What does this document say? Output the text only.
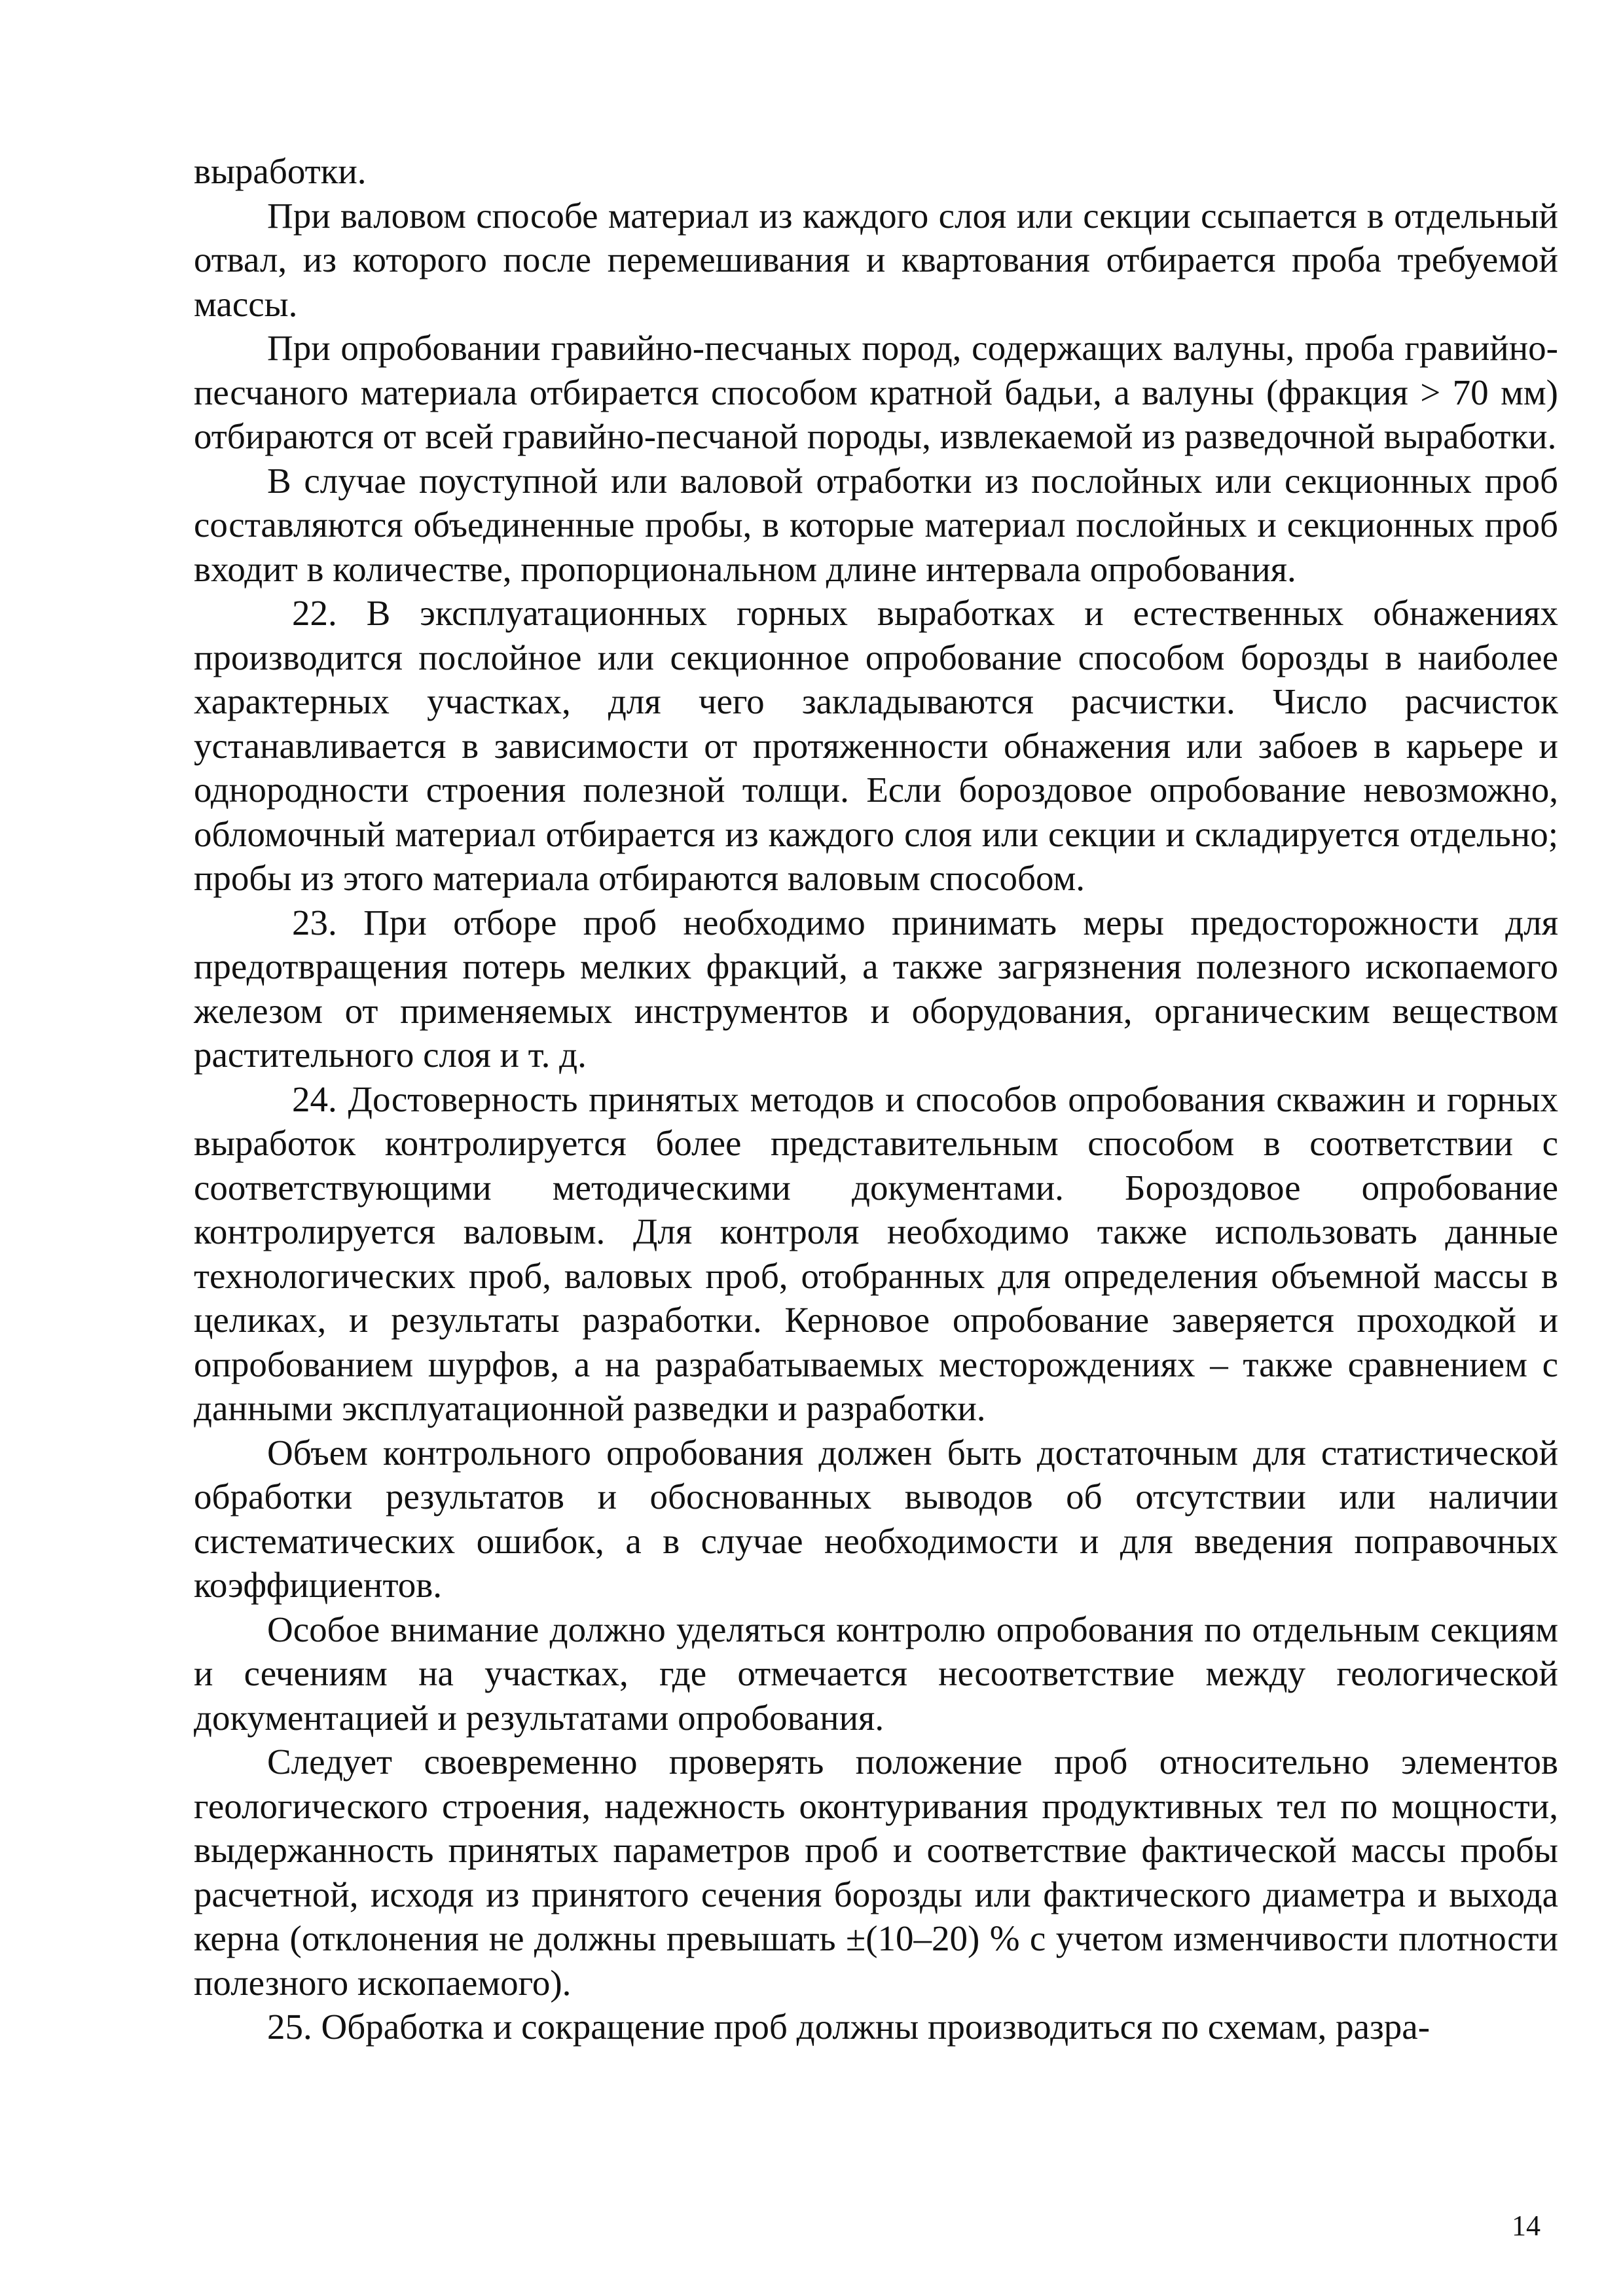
выработки.

При валовом способе материал из каждого слоя или секции ссыпается в отдельный отвал, из которого после перемешивания и квартования отбирается проба требуемой массы.

При опробовании гравийно-песчаных пород, содержащих валуны, проба гравийно-песчаного материала отбирается способом кратной бадьи, а валуны (фракция > 70 мм) отбираются от всей гравийно-песчаной породы, извлекаемой из разведочной выработки.

В случае поуступной или валовой отработки из послойных или секционных проб составляются объединенные пробы, в которые материал послойных и секционных проб входит в количестве, пропорциональном длине интервала опробования.

22. В эксплуатационных горных выработках и естественных обнажениях производится послойное или секционное опробование способом борозды в наиболее характерных участках, для чего закладываются расчистки. Число расчисток устанавливается в зависимости от протяженности обнажения или забоев в карьере и однородности строения полезной толщи. Если бороздовое опробование невозможно, обломочный материал отбирается из каждого слоя или секции и складируется отдельно; пробы из этого материала отбираются валовым способом.

23. При отборе проб необходимо принимать меры предосторожности для предотвращения потерь мелких фракций, а также загрязнения полезного ископаемого железом от применяемых инструментов и оборудования, органическим веществом растительного слоя и т. д.

24. Достоверность принятых методов и способов опробования скважин и горных выработок контролируется более представительным способом в соответствии с соответствующими методическими документами. Бороздовое опробование контролируется валовым. Для контроля необходимо также использовать данные технологических проб, валовых проб, отобранных для определения объемной массы в целиках, и результаты разработки. Керновое опробование заверяется проходкой и опробованием шурфов, а на разрабатываемых месторождениях – также сравнением с данными эксплуатационной разведки и разработки.

Объем контрольного опробования должен быть достаточным для статистической обработки результатов и обоснованных выводов об отсутствии или наличии систематических ошибок, а в случае необходимости и для введения поправочных коэффициентов.

Особое внимание должно уделяться контролю опробования по отдельным секциям и сечениям на участках, где отмечается несоответствие между геологической документацией и результатами опробования.

Следует своевременно проверять положение проб относительно элементов геологического строения, надежность оконтуривания продуктивных тел по мощности, выдержанность принятых параметров проб и соответствие фактической массы пробы расчетной, исходя из принятого сечения борозды или фактического диаметра и выхода керна (отклонения не должны превышать ±(10–20) % с учетом изменчивости плотности полезного ископаемого).

25. Обработка и сокращение проб должны производиться по схемам, разра-

14
